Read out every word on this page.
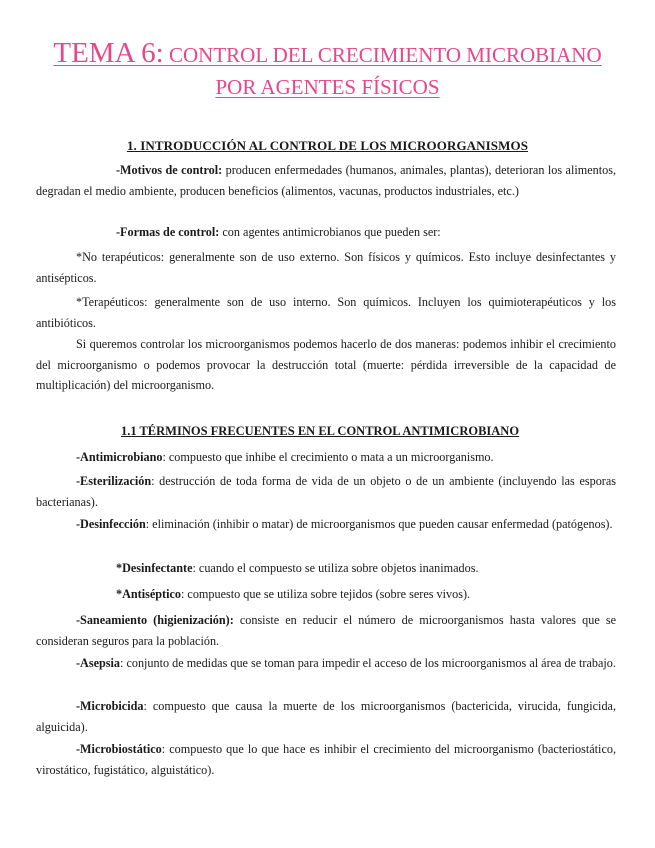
TEMA 6: CONTROL DEL CRECIMIENTO MICROBIANO
POR AGENTES FÍSICOS
1. INTRODUCCIÓN AL CONTROL DE LOS MICROORGANISMOS

-Motivos de control: producen enfermedades (humanos, animales, plantas), deterioran los alimentos, degradan el medio ambiente, producen beneficios (alimentos, vacunas, productos industriales, etc.)

-Formas de control: con agentes antimicrobianos que pueden ser:

*No terapéuticos: generalmente son de uso externo. Son físicos y químicos. Esto incluye desinfectantes y antisépticos.

*Terapéuticos: generalmente son de uso interno. Son químicos. Incluyen los quimioterapéuticos y los antibióticos.

Si queremos controlar los microorganismos podemos hacerlo de dos maneras: podemos inhibir el crecimiento del microorganismo o podemos provocar la destrucción total (muerte: pérdida irreversible de la capacidad de multiplicación) del microorganismo.

1.1 TÉRMINOS FRECUENTES EN EL CONTROL ANTIMICROBIANO

-Antimicrobiano: compuesto que inhibe el crecimiento o mata a un microorganismo.

-Esterilización: destrucción de toda forma de vida de un objeto o de un ambiente (incluyendo las esporas bacterianas).

-Desinfección: eliminación (inhibir o matar) de microorganismos que pueden causar enfermedad (patógenos).

*Desinfectante: cuando el compuesto se utiliza sobre objetos inanimados.

*Antiséptico: compuesto que se utiliza sobre tejidos (sobre seres vivos).

-Saneamiento (higienización): consiste en reducir el número de microorganismos hasta valores que se consideran seguros para la población.

-Asepsia: conjunto de medidas que se toman para impedir el acceso de los microorganismos al área de trabajo.

-Microbicida: compuesto que causa la muerte de los microorganismos (bactericida, virucida, fungicida, alguicida).

-Microbiostático: compuesto que lo que hace es inhibir el crecimiento del microorganismo (bacteriostático, virostático, fugistático, alguistático).
